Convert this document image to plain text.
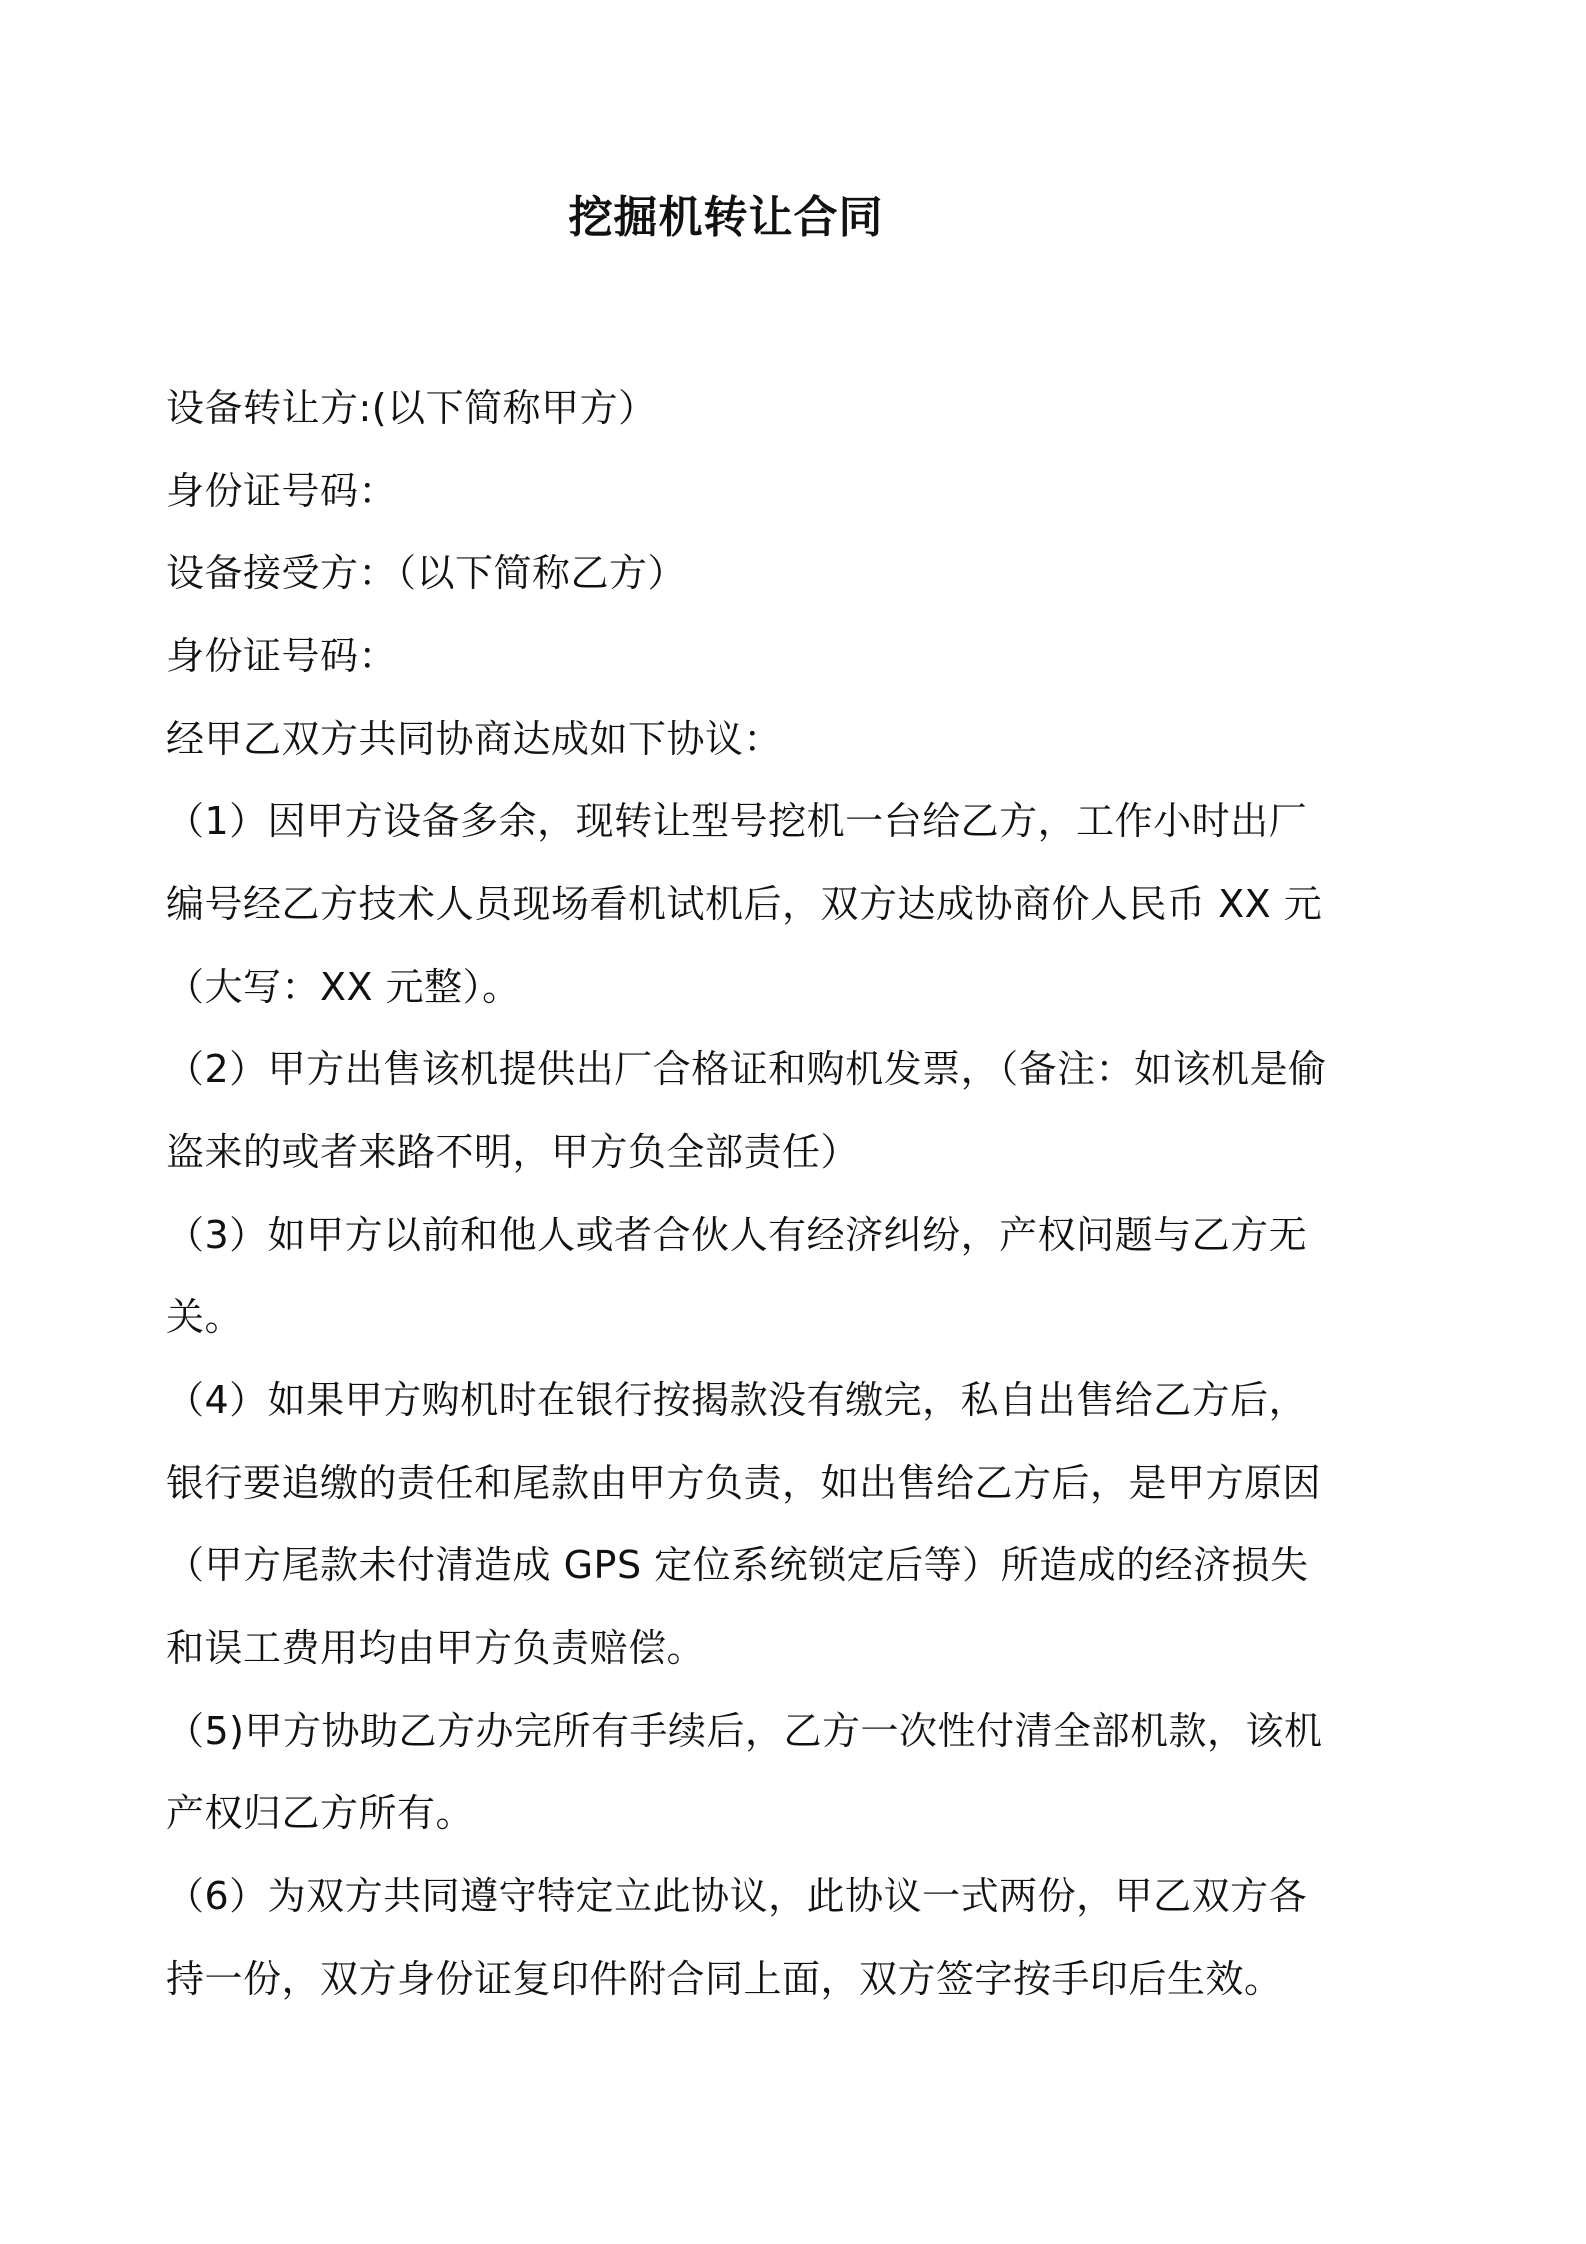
挖掘机转让合同
设备转让方:(以下简称甲方）
身份证号码：
设备接受方：（以下简称乙方）
身份证号码：
经甲乙双方共同协商达成如下协议：
（1）因甲方设备多余，现转让型号挖机一台给乙方，工作小时出厂
编号经乙方技术人员现场看机试机后，双方达成协商价人民币 XX 元
（大写：XX 元整）。
（2）甲方出售该机提供出厂合格证和购机发票，（备注：如该机是偷
盗来的或者来路不明，甲方负全部责任）
（3）如甲方以前和他人或者合伙人有经济纠纷，产权问题与乙方无
关。
（4）如果甲方购机时在银行按揭款没有缴完，私自出售给乙方后，
银行要追缴的责任和尾款由甲方负责，如出售给乙方后，是甲方原因
（甲方尾款未付清造成 GPS 定位系统锁定后等）所造成的经济损失
和误工费用均由甲方负责赔偿。
（5)甲方协助乙方办完所有手续后，乙方一次性付清全部机款，该机
产权归乙方所有。
（6）为双方共同遵守特定立此协议，此协议一式两份，甲乙双方各
持一份，双方身份证复印件附合同上面，双方签字按手印后生效。
